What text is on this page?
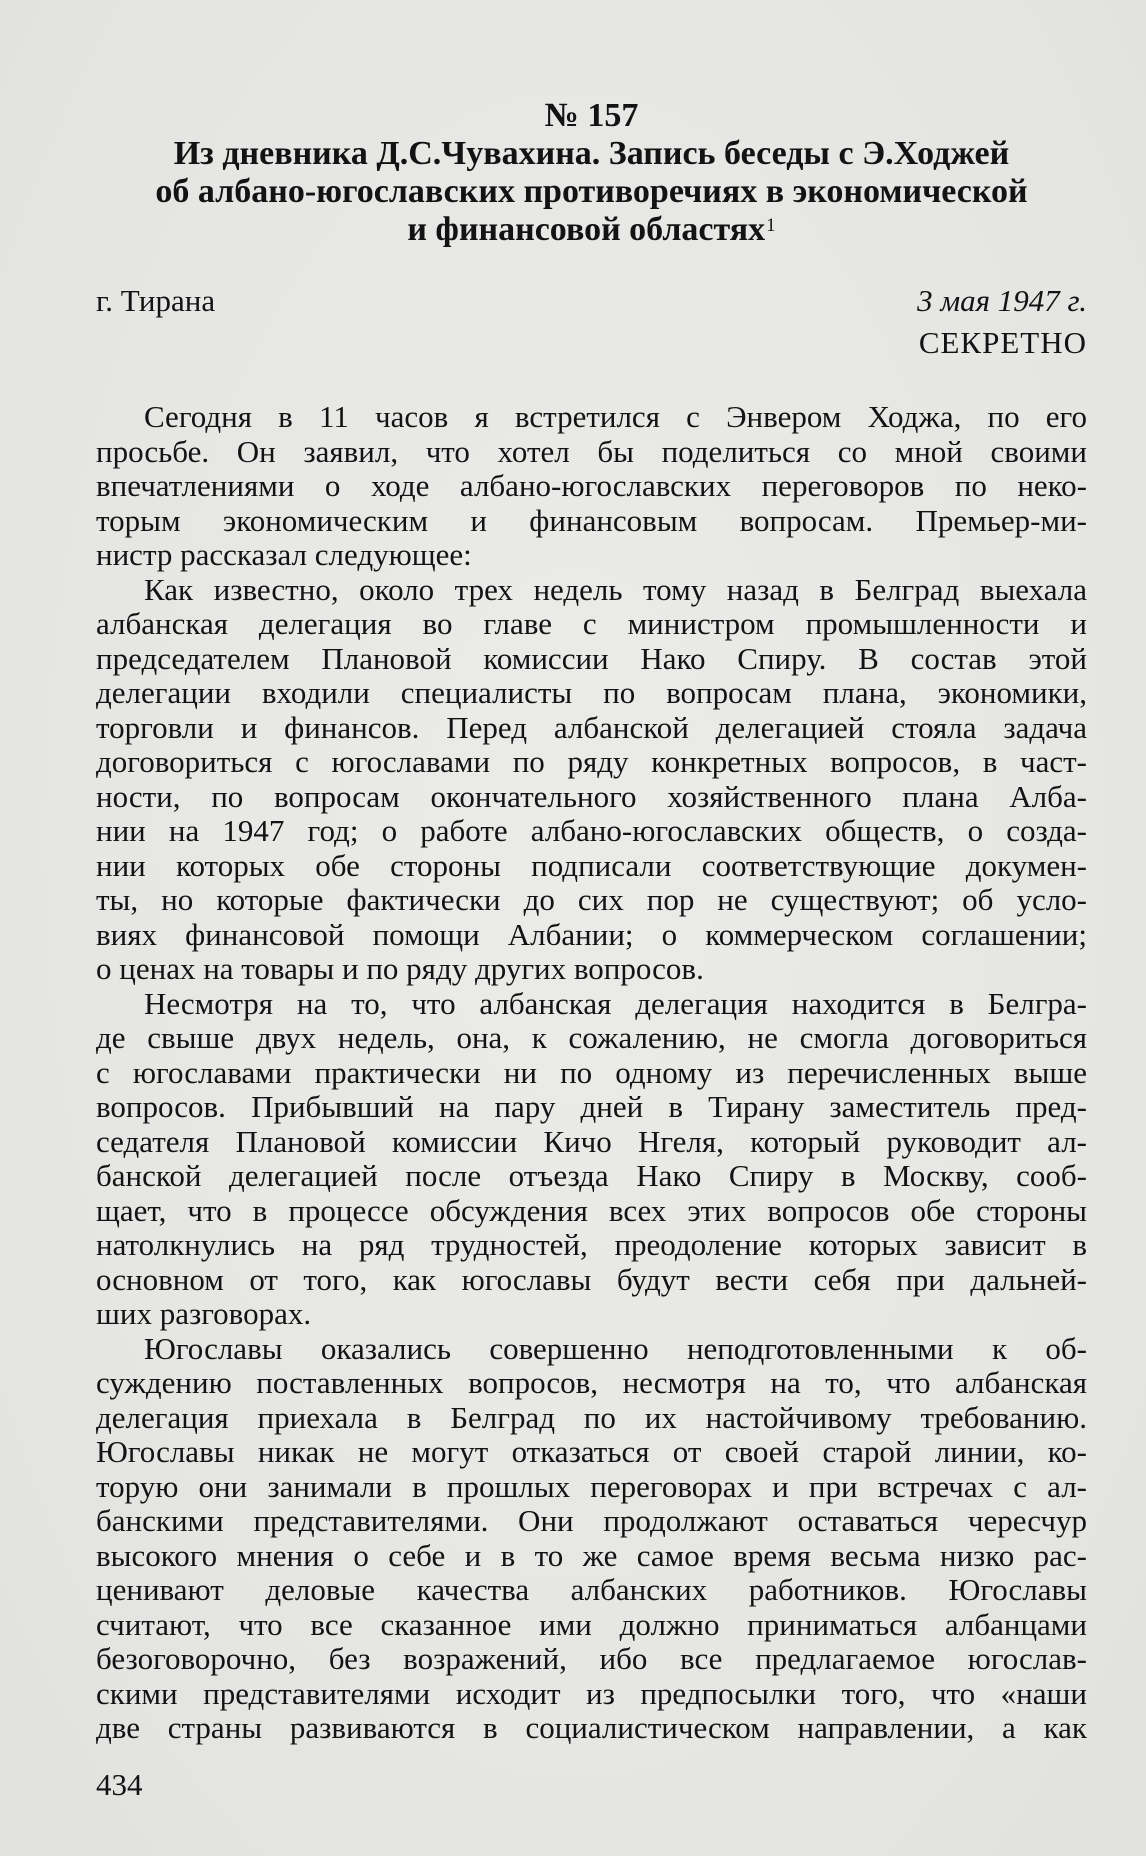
№ 157
Из дневника Д.С.Чувахина. Запись беседы с Э.Ходжей
об албано-югославских противоречиях в экономической
и финансовой областях$^1$
г. Тирана	3 мая 1947 г.
СЕКРЕТНО
Сегодня в 11 часов я встретился с Энвером Ходжа, по его
просьбе. Он заявил, что хотел бы поделиться со мной своими
впечатлениями о ходе албано-югославских переговоров по неко-
торым экономическим и финансовым вопросам. Премьер-ми-
нистр рассказал следующее:
Как известно, около трех недель тому назад в Белград выехала
албанская делегация во главе с министром промышленности и
председателем Плановой комиссии Нако Спиру. В состав этой
делегации входили специалисты по вопросам плана, экономики,
торговли и финансов. Перед албанской делегацией стояла задача
договориться с югославами по ряду конкретных вопросов, в част-
ности, по вопросам окончательного хозяйственного плана Алба-
нии на 1947 год; о работе албано-югославских обществ, о созда-
нии которых обе стороны подписали соответствующие докумен-
ты, но которые фактически до сих пор не существуют; об усло-
виях финансовой помощи Албании; о коммерческом соглашении;
о ценах на товары и по ряду других вопросов.
Несмотря на то, что албанская делегация находится в Белгра-
де свыше двух недель, она, к сожалению, не смогла договориться
с югославами практически ни по одному из перечисленных выше
вопросов. Прибывший на пару дней в Тирану заместитель пред-
седателя Плановой комиссии Кичо Нгеля, который руководит ал-
банской делегацией после отъезда Нако Спиру в Москву, сооб-
щает, что в процессе обсуждения всех этих вопросов обе стороны
натолкнулись на ряд трудностей, преодоление которых зависит в
основном от того, как югославы будут вести себя при дальней-
ших разговорах.
Югославы оказались совершенно неподготовленными к об-
суждению поставленных вопросов, несмотря на то, что албанская
делегация приехала в Белград по их настойчивому требованию.
Югославы никак не могут отказаться от своей старой линии, ко-
торую они занимали в прошлых переговорах и при встречах с ал-
банскими представителями. Они продолжают оставаться чересчур
высокого мнения о себе и в то же самое время весьма низко рас-
ценивают деловые качества албанских работников. Югославы
считают, что все сказанное ими должно приниматься албанцами
безоговорочно, без возражений, ибо все предлагаемое югослав-
скими представителями исходит из предпосылки того, что «наши
две страны развиваются в социалистическом направлении, а как
434
